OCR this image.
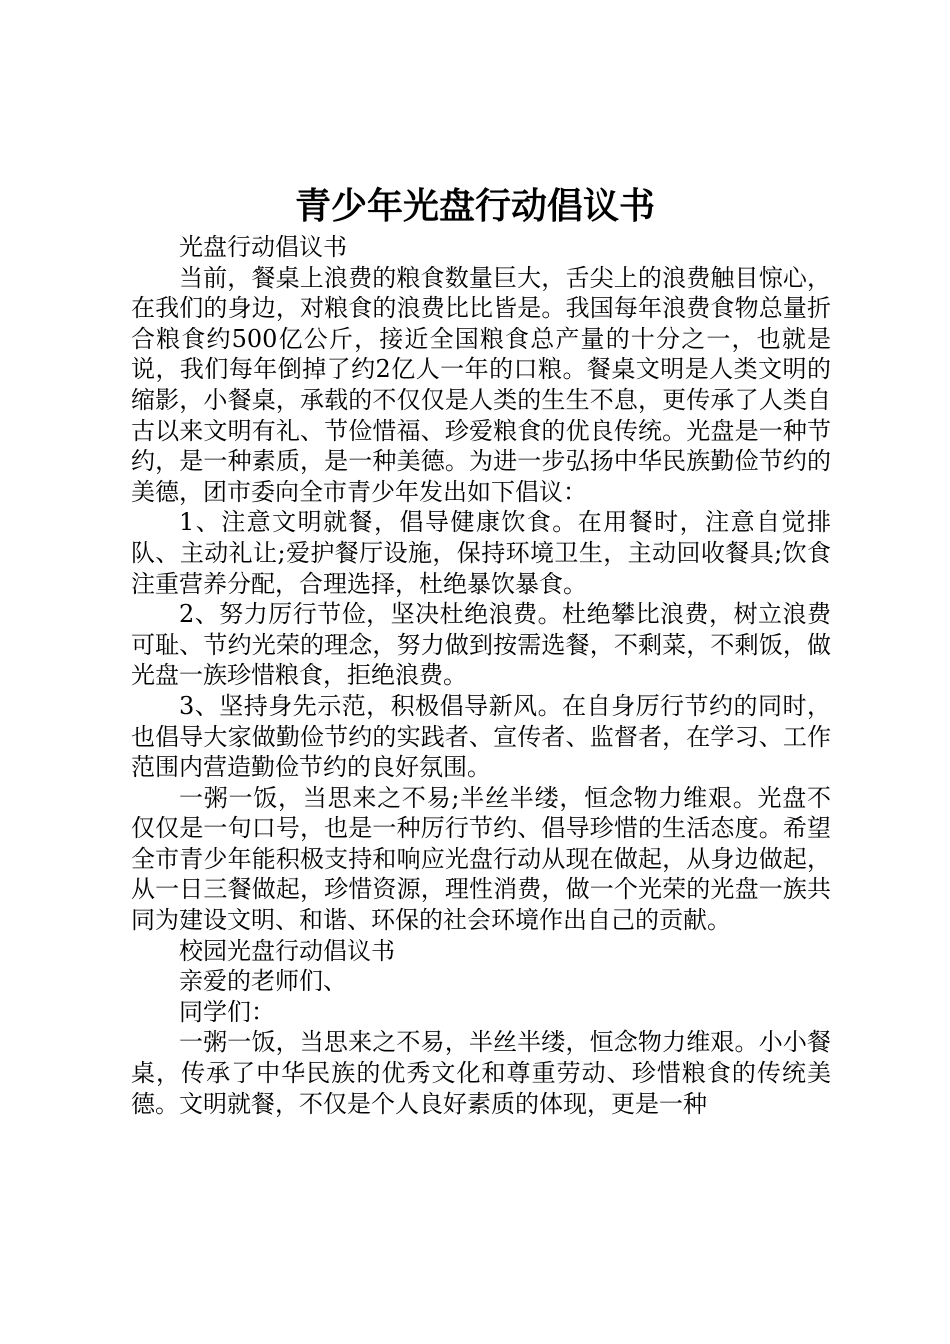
青少年光盘行动倡议书

光盘行动倡议书

当前，餐桌上浪费的粮食数量巨大，舌尖上的浪费触目惊心，在我们的身边，对粮食的浪费比比皆是。我国每年浪费食物总量折合粮食约500亿公斤，接近全国粮食总产量的十分之一，也就是说，我们每年倒掉了约2亿人一年的口粮。餐桌文明是人类文明的缩影，小餐桌，承载的不仅仅是人类的生生不息，更传承了人类自古以来文明有礼、节俭惜福、珍爱粮食的优良传统。光盘是一种节约，是一种素质，是一种美德。为进一步弘扬中华民族勤俭节约的美德，团市委向全市青少年发出如下倡议：

1、注意文明就餐，倡导健康饮食。在用餐时，注意自觉排队、主动礼让;爱护餐厅设施，保持环境卫生，主动回收餐具;饮食注重营养分配，合理选择，杜绝暴饮暴食。

2、努力厉行节俭，坚决杜绝浪费。杜绝攀比浪费，树立浪费可耻、节约光荣的理念，努力做到按需选餐，不剩菜，不剩饭，做光盘一族珍惜粮食，拒绝浪费。

3、坚持身先示范，积极倡导新风。在自身厉行节约的同时，也倡导大家做勤俭节约的实践者、宣传者、监督者，在学习、工作范围内营造勤俭节约的良好氛围。

一粥一饭，当思来之不易;半丝半缕，恒念物力维艰。光盘不仅仅是一句口号，也是一种厉行节约、倡导珍惜的生活态度。希望全市青少年能积极支持和响应光盘行动从现在做起，从身边做起，从一日三餐做起，珍惜资源，理性消费，做一个光荣的光盘一族共同为建设文明、和谐、环保的社会环境作出自己的贡献。

校园光盘行动倡议书

亲爱的老师们、

同学们：

一粥一饭，当思来之不易，半丝半缕，恒念物力维艰。小小餐桌，传承了中华民族的优秀文化和尊重劳动、珍惜粮食的传统美德。文明就餐，不仅是个人良好素质的体现，更是一种
